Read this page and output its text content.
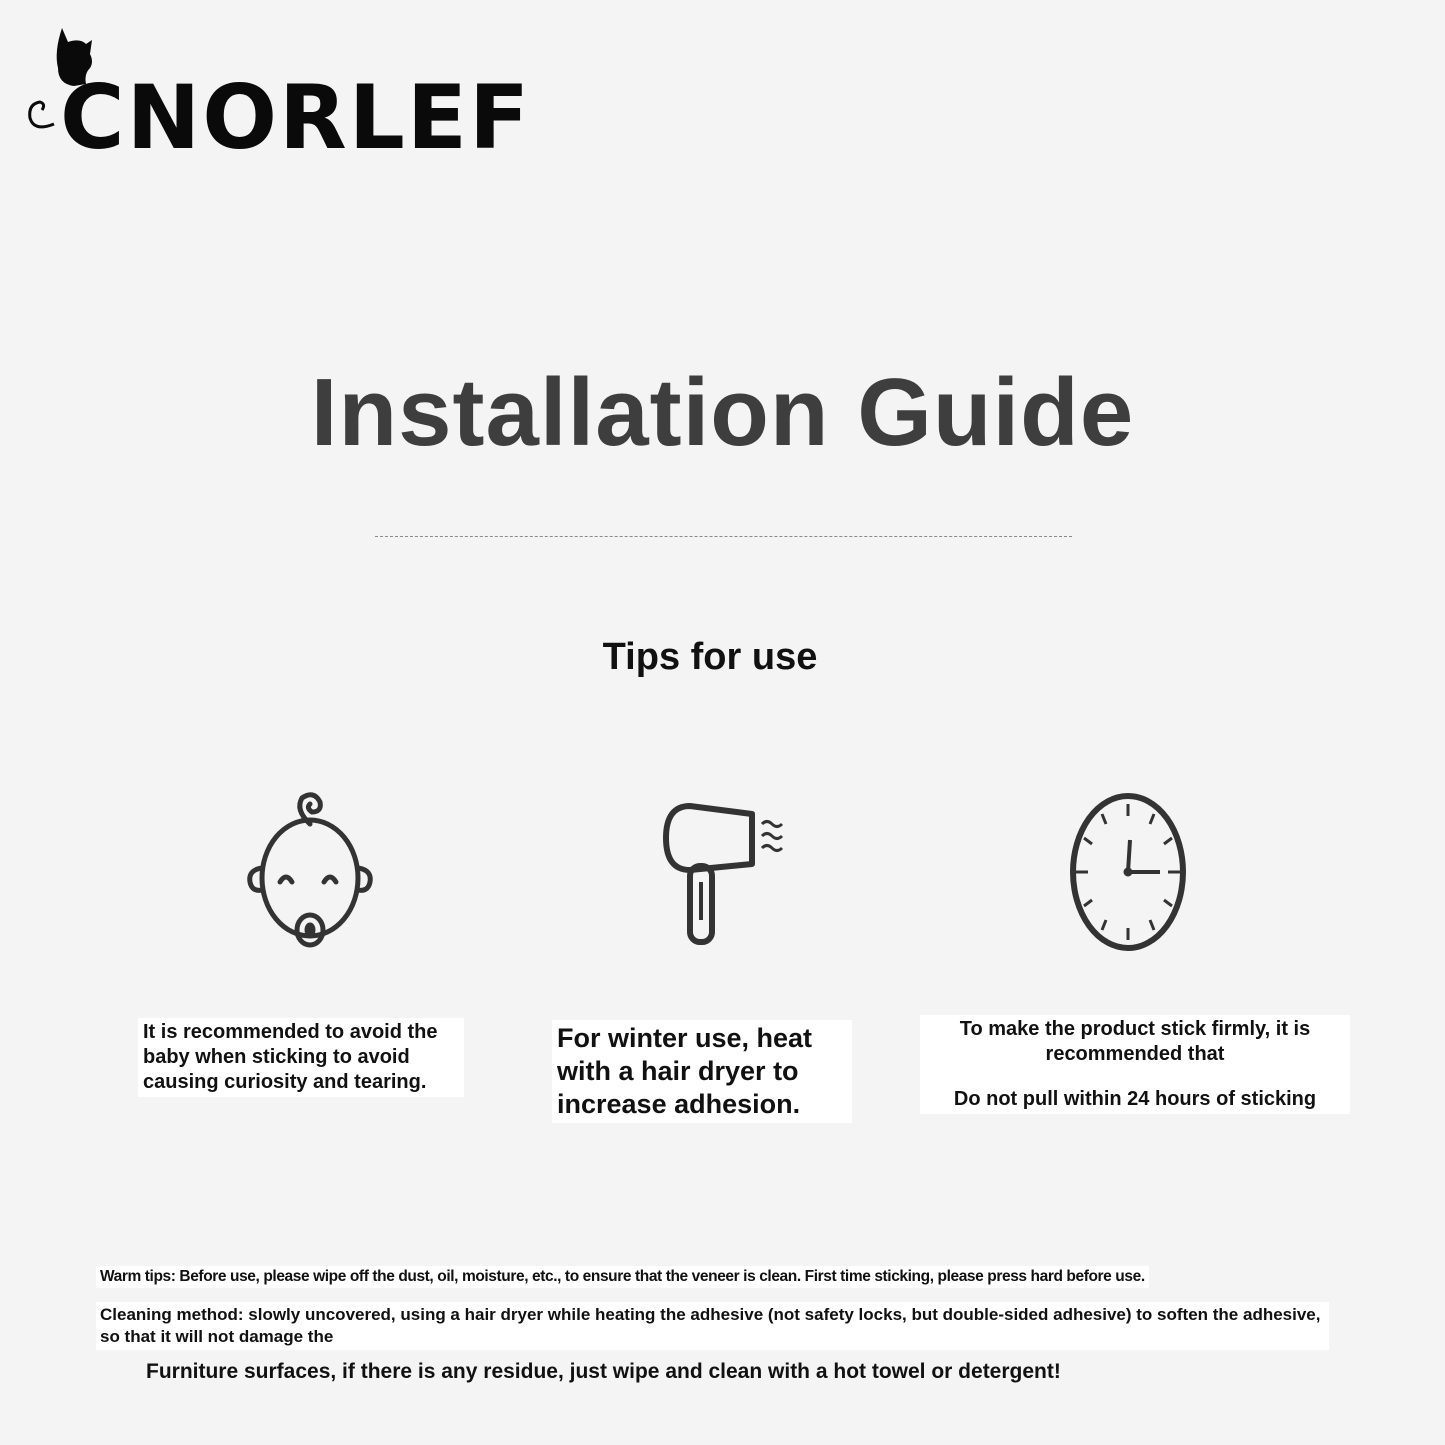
CNORLEF
Installation Guide
Tips for use
It is recommended to avoid the baby when sticking to avoid causing curiosity and tearing.
For winter use, heat with a hair dryer to increase adhesion.
To make the product stick firmly, it is recommended that
Do not pull within 24 hours of sticking
Warm tips: Before use, please wipe off the dust, oil, moisture, etc., to ensure that the veneer is clean. First time sticking, please press hard before use.
Cleaning method: slowly uncovered, using a hair dryer while heating the adhesive (not safety locks, but double-sided adhesive) to soften the adhesive, so that it will not damage the
Furniture surfaces, if there is any residue, just wipe and clean with a hot towel or detergent!
